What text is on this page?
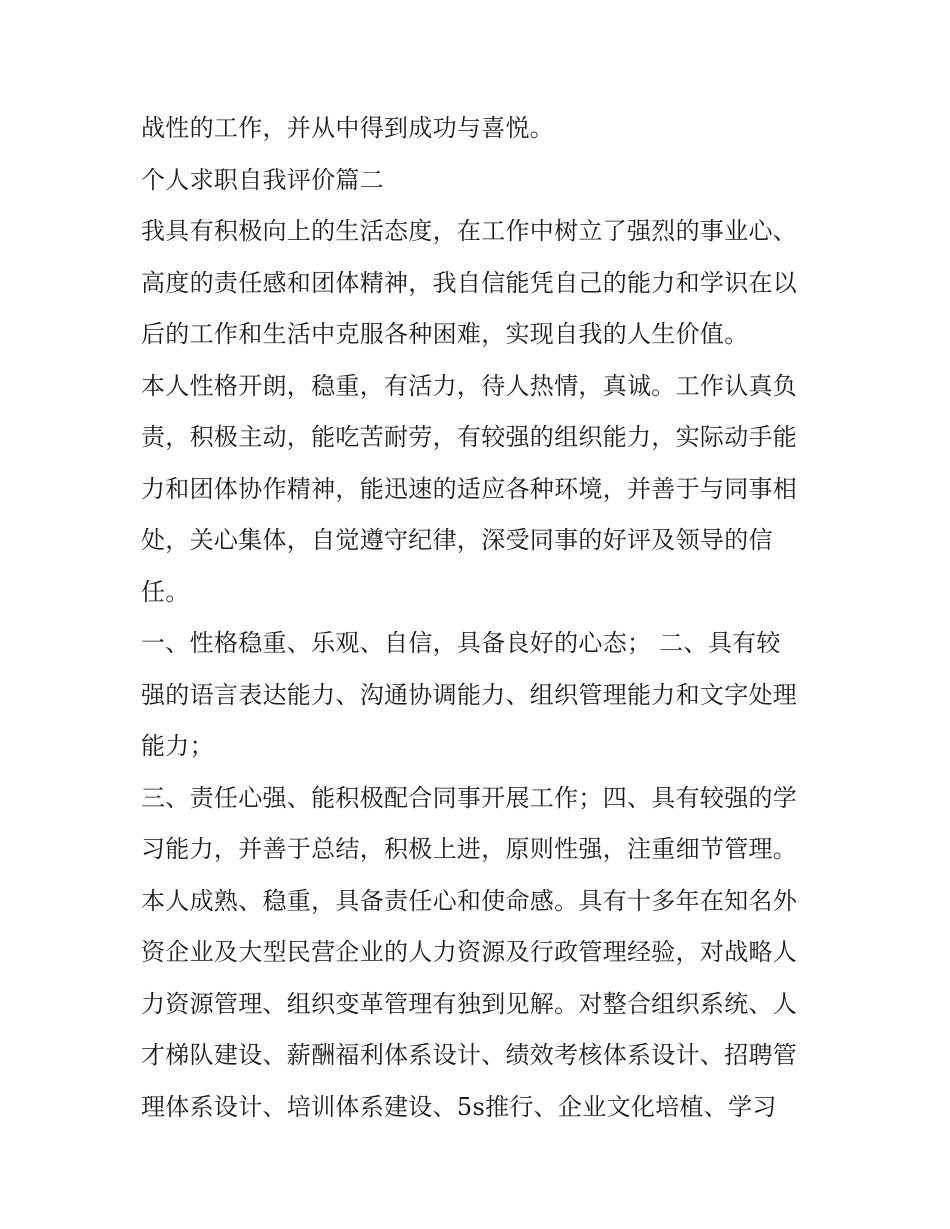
战性的工作，并从中得到成功与喜悦。
个人求职自我评价篇二
我具有积极向上的生活态度，在工作中树立了强烈的事业心、
高度的责任感和团体精神，我自信能凭自己的能力和学识在以
后的工作和生活中克服各种困难，实现自我的人生价值。
本人性格开朗，稳重，有活力，待人热情，真诚。工作认真负
责，积极主动，能吃苦耐劳，有较强的组织能力，实际动手能
力和团体协作精神，能迅速的适应各种环境，并善于与同事相
处，关心集体，自觉遵守纪律，深受同事的好评及领导的信
任。
一、性格稳重、乐观、自信，具备良好的心态； 二、具有较
强的语言表达能力、沟通协调能力、组织管理能力和文字处理
能力；
三、责任心强、能积极配合同事开展工作；四、具有较强的学
习能力，并善于总结，积极上进，原则性强，注重细节管理。
本人成熟、稳重，具备责任心和使命感。具有十多年在知名外
资企业及大型民营企业的人力资源及行政管理经验，对战略人
力资源管理、组织变革管理有独到见解。对整合组织系统、人
才梯队建设、薪酬福利体系设计、绩效考核体系设计、招聘管
理体系设计、培训体系建设、5s推行、企业文化培植、学习
